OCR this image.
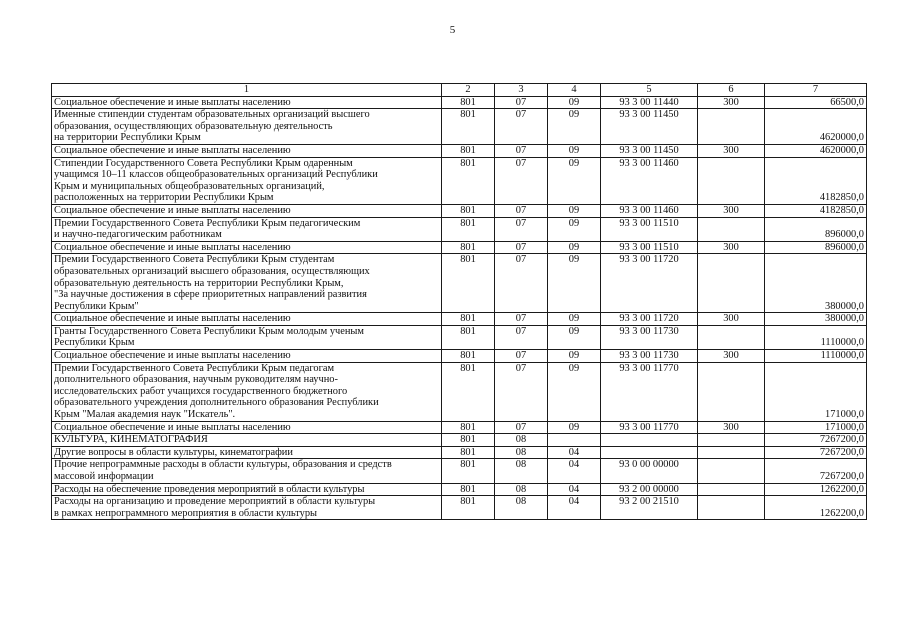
5
1	2	3	4	5	6	7
Социальное обеспечение и иные выплаты населению	801	07	09	93 3 00 11440	300	66500,0
Именные стипендии студентам образовательных организаций высшего
образования, осуществляющих образовательную деятельность
на территории Республики Крым	801	07	09	93 3 00 11450		4620000,0
Социальное обеспечение и иные выплаты населению	801	07	09	93 3 00 11450	300	4620000,0
Стипендии Государственного Совета Республики Крым одаренным
учащимся 10–11 классов общеобразовательных организаций Республики
Крым и муниципальных общеобразовательных организаций,
расположенных на территории Республики Крым	801	07	09	93 3 00 11460		4182850,0
Социальное обеспечение и иные выплаты населению	801	07	09	93 3 00 11460	300	4182850,0
Премии Государственного Совета Республики Крым педагогическим
и научно-педагогическим работникам	801	07	09	93 3 00 11510		896000,0
Социальное обеспечение и иные выплаты населению	801	07	09	93 3 00 11510	300	896000,0
Премии Государственного Совета Республики Крым студентам
образовательных организаций высшего образования, осуществляющих
образовательную деятельность на территории Республики Крым,
"За научные достижения в сфере приоритетных направлений развития
Республики Крым"	801	07	09	93 3 00 11720		380000,0
Социальное обеспечение и иные выплаты населению	801	07	09	93 3 00 11720	300	380000,0
Гранты Государственного Совета Республики Крым молодым ученым
Республики Крым	801	07	09	93 3 00 11730		1110000,0
Социальное обеспечение и иные выплаты населению	801	07	09	93 3 00 11730	300	1110000,0
Премии Государственного Совета Республики Крым педагогам
дополнительного образования, научным руководителям научно-
исследовательских работ учащихся государственного бюджетного
образовательного учреждения дополнительного образования Республики
Крым "Малая академия наук "Искатель".	801	07	09	93 3 00 11770		171000,0
Социальное обеспечение и иные выплаты населению	801	07	09	93 3 00 11770	300	171000,0
КУЛЬТУРА, КИНЕМАТОГРАФИЯ	801	08				7267200,0
Другие вопросы в области культуры, кинематографии	801	08	04			7267200,0
Прочие непрограммные расходы в области культуры, образования и средств
массовой информации	801	08	04	93 0 00 00000		7267200,0
Расходы на обеспечение проведения мероприятий в области культуры	801	08	04	93 2 00 00000		1262200,0
Расходы на организацию и проведение мероприятий в области культуры
в рамках непрограммного мероприятия в области культуры	801	08	04	93 2 00 21510		1262200,0
